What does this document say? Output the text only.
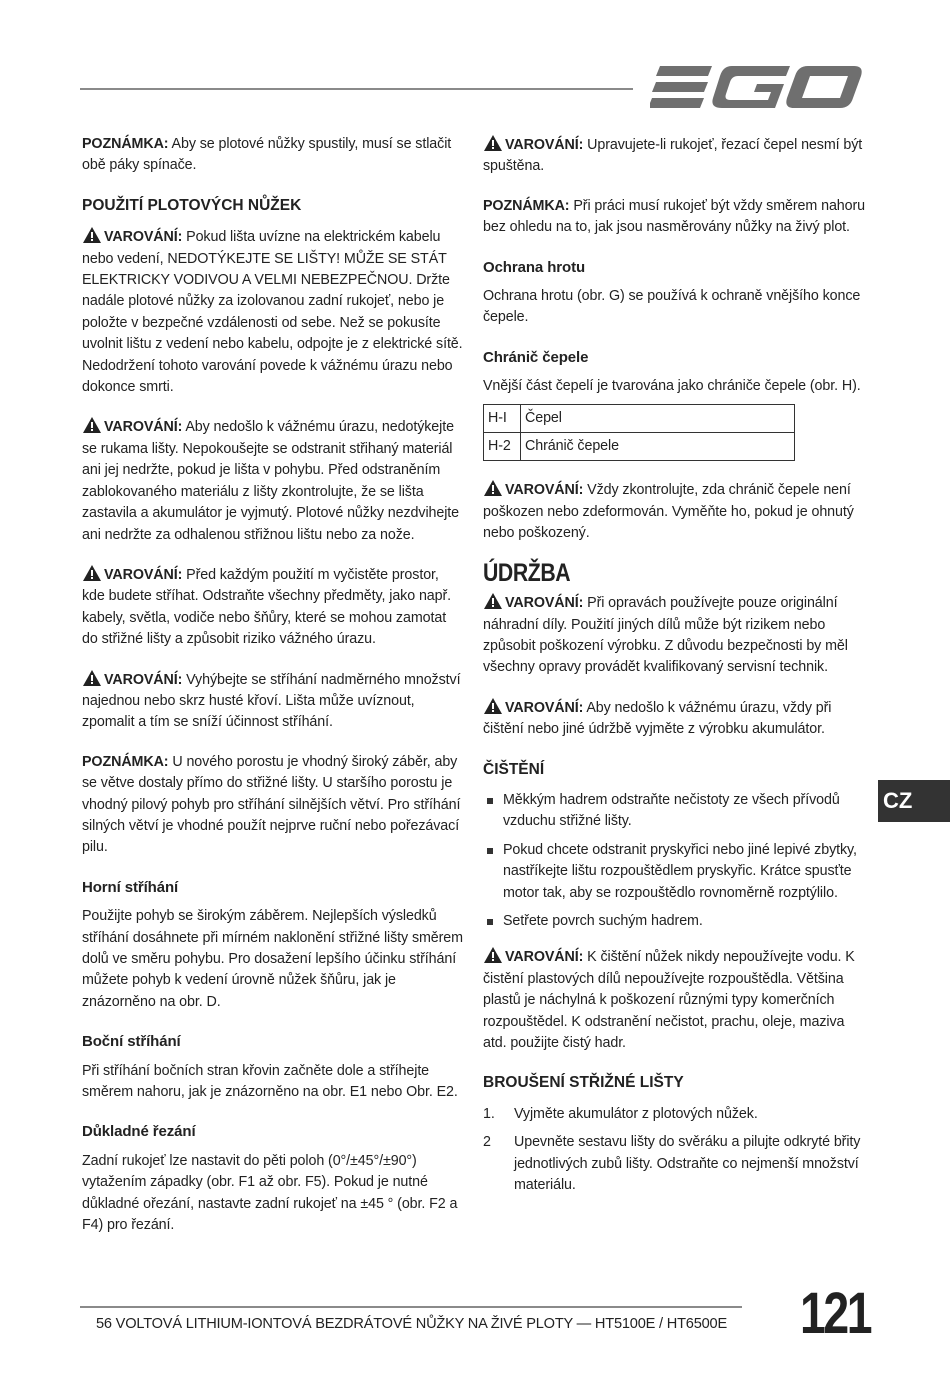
POZNÁMKA: Aby se plotové nůžky spustily, musí se stlačit obě páky spínače.

POUŽITÍ PLOTOVÝCH NŮŽEK

VAROVÁNÍ: Pokud lišta uvízne na elektrickém kabelu nebo vedení, NEDOTÝKEJTE SE LIŠTY! MŮŽE SE STÁT ELEKTRICKY VODIVOU A VELMI NEBEZPEČNOU. Držte nadále plotové nůžky za izolovanou zadní rukojeť, nebo je položte v bezpečné vzdálenosti od sebe. Než se pokusíte uvolnit lištu z vedení nebo kabelu, odpojte je z elektrické sítě. Nedodržení tohoto varování povede k vážnému úrazu nebo dokonce smrti.

VAROVÁNÍ: Aby nedošlo k vážnému úrazu, nedotýkejte se rukama lišty. Nepokoušejte se odstranit střihaný materiál ani jej nedržte, pokud je lišta v pohybu. Před odstraněním zablokovaného materiálu z lišty zkontrolujte, že se lišta zastavila a akumulátor je vyjmutý. Plotové nůžky nezdvihejte ani nedržte za odhalenou střižnou lištu nebo za nože.

VAROVÁNÍ: Před každým použití m vyčistěte prostor, kde budete stříhat. Odstraňte všechny předměty, jako např. kabely, světla, vodiče nebo šňůry, které se mohou zamotat do střižné lišty a způsobit riziko vážného úrazu.

VAROVÁNÍ: Vyhýbejte se stříhání nadměrného množství najednou nebo skrz husté křoví. Lišta může uvíznout, zpomalit a tím se sníží účinnost stříhání.

POZNÁMKA: U nového porostu je vhodný široký záběr, aby se větve dostaly přímo do střižné lišty. U staršího porostu je vhodný pilový pohyb pro stříhání silnějších větví. Pro stříhání silných větví je vhodné použít nejprve ruční nebo pořezávací pilu.

Horní stříhání

Použijte pohyb se širokým záběrem. Nejlepších výsledků stříhání dosáhnete při mírném naklonění střižné lišty směrem dolů ve směru pohybu. Pro dosažení lepšího účinku stříhání můžete pohyb k vedení úrovně nůžek šňůru, jak je znázorněno na obr. D.

Boční stříhání

Při stříhání bočních stran křovin začněte dole a stříhejte směrem nahoru, jak je znázorněno na obr. E1 nebo Obr. E2.

Důkladné řezání

Zadní rukojeť lze nastavit do pěti poloh (0°/±45°/±90°) vytažením západky (obr. F1 až obr. F5). Pokud je nutné důkladné ořezání, nastavte zadní rukojeť na ±45 ° (obr. F2 a F4) pro řezání.

VAROVÁNÍ: Upravujete-li rukojeť, řezací čepel nesmí být spuštěna.

POZNÁMKA: Při práci musí rukojeť být vždy směrem nahoru bez ohledu na to, jak jsou nasměrovány nůžky na živý plot.

Ochrana hrotu

Ochrana hrotu (obr. G) se používá k ochraně vnějšího konce čepele.

Chránič čepele

Vnější část čepelí je tvarována jako chrániče čepele (obr. H).

H-I	Čepel
H-2	Chránič čepele

VAROVÁNÍ: Vždy zkontrolujte, zda chránič čepele není poškozen nebo zdeformován. Vyměňte ho, pokud je ohnutý nebo poškozený.

ÚDRŽBA

VAROVÁNÍ: Při opravách používejte pouze originální náhradní díly. Použití jiných dílů může být rizikem nebo způsobit poškození výrobku. Z důvodu bezpečnosti by měl všechny opravy provádět kvalifikovaný servisní technik.

VAROVÁNÍ: Aby nedošlo k vážnému úrazu, vždy při čištění nebo jiné údržbě vyjměte z výrobku akumulátor.

ČIŠTĚNÍ
Měkkým hadrem odstraňte nečistoty ze všech přívodů vzduchu střižné lišty.
Pokud chcete odstranit pryskyřici nebo jiné lepivé zbytky, nastříkejte lištu rozpouštědlem pryskyřic. Krátce spusťte motor tak, aby se rozpouštědlo rovnoměrně rozptýlilo.
Setřete povrch suchým hadrem.

VAROVÁNÍ: K čištění nůžek nikdy nepoužívejte vodu. K čistění plastových dílů nepoužívejte rozpouštědla. Většina plastů je náchylná k poškození různými typy komerčních rozpouštědel. K odstranění nečistot, prachu, oleje, maziva atd. použijte čistý hadr.

BROUŠENÍ STŘIŽNÉ LIŠTY
1. Vyjměte akumulátor z plotových nůžek.
2 Upevněte sestavu lišty do svěráku a pilujte odkryté břity jednotlivých zubů lišty. Odstraňte co nejmenší množství materiálu.
CZ
56 VOLTOVÁ LITHIUM-IONTOVÁ BEZDRÁTOVÉ NŮŽKY NA ŽIVÉ PLOTY — HT5100E / HT6500E 121
